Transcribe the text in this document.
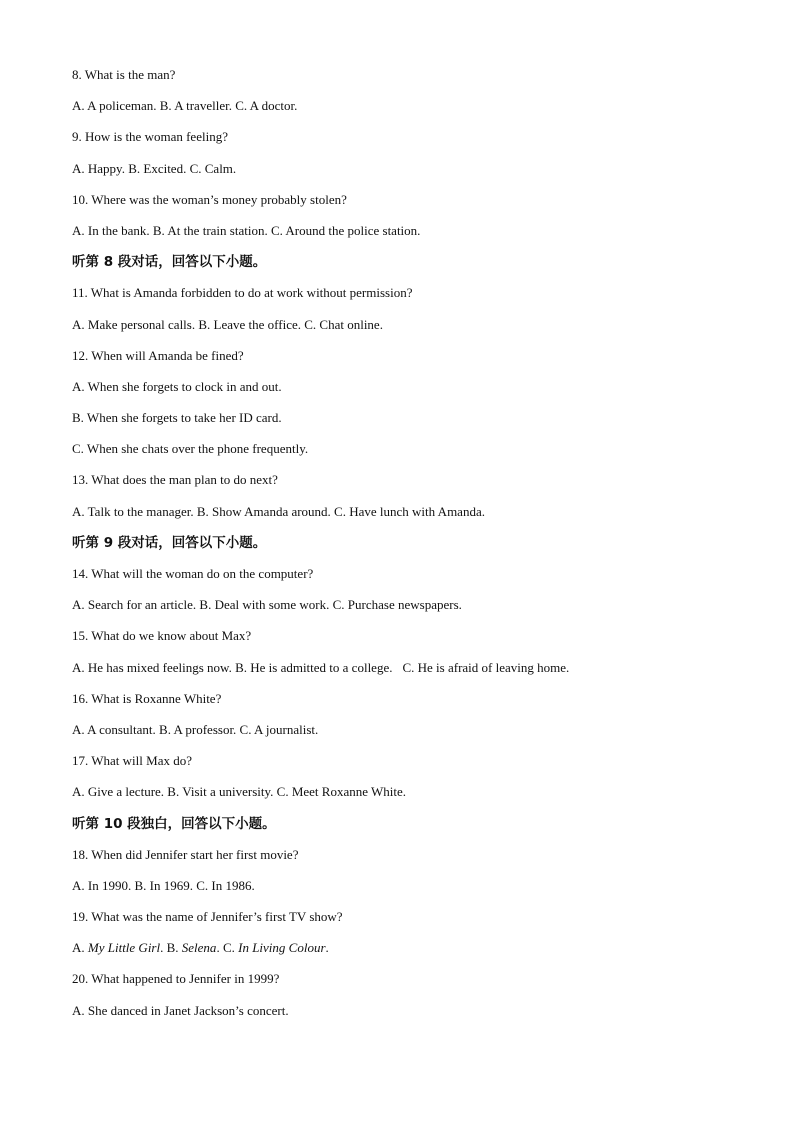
8. What is the man?
A. A policeman. B. A traveller. C. A doctor.
9. How is the woman feeling?
A. Happy. B. Excited. C. Calm.
10. Where was the woman’s money probably stolen?
A. In the bank. B. At the train station. C. Around the police station.
听第 8 段对话，回答以下小题。
11. What is Amanda forbidden to do at work without permission?
A. Make personal calls. B. Leave the office. C. Chat online.
12. When will Amanda be fined?
A. When she forgets to clock in and out.
B. When she forgets to take her ID card.
C. When she chats over the phone frequently.
13. What does the man plan to do next?
A. Talk to the manager. B. Show Amanda around. C. Have lunch with Amanda.
听第 9 段对话，回答以下小题。
14. What will the woman do on the computer?
A. Search for an article. B. Deal with some work. C. Purchase newspapers.
15. What do we know about Max?
A. He has mixed feelings now. B. He is admitted to a college. C. He is afraid of leaving home.
16. What is Roxanne White?
A. A consultant. B. A professor. C. A journalist.
17. What will Max do?
A. Give a lecture. B. Visit a university. C. Meet Roxanne White.
听第 10 段独白，回答以下小题。
18. When did Jennifer start her first movie?
A. In 1990. B. In 1969. C. In 1986.
19. What was the name of Jennifer’s first TV show?
A. My Little Girl. B. Selena. C. In Living Colour.
20. What happened to Jennifer in 1999?
A. She danced in Janet Jackson’s concert.
